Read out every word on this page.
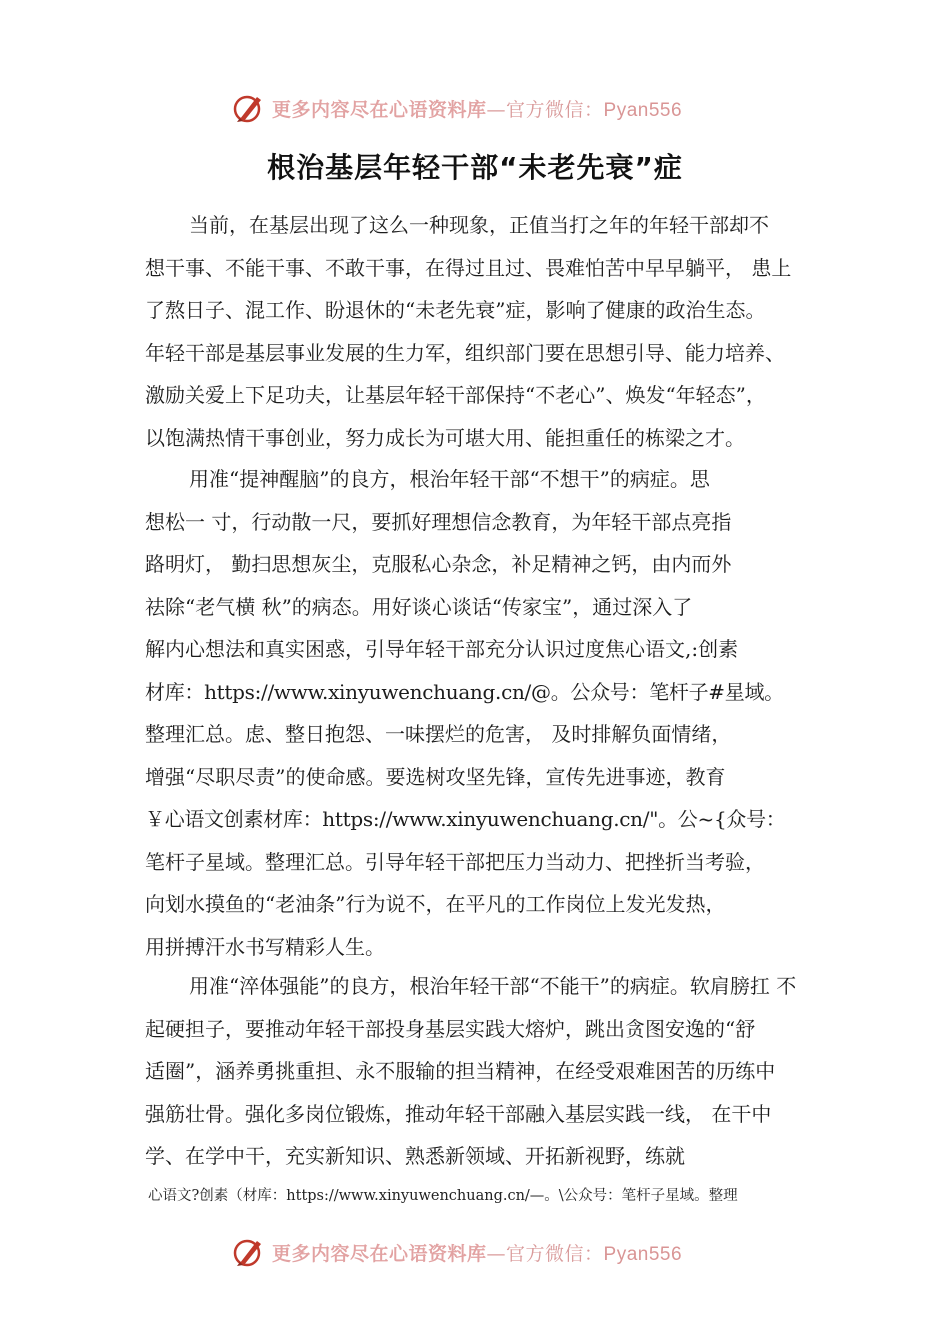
更多内容尽在心语资料库—官方微信：Pyan556
根治基层年轻干部“未老先衰”症
当前，在基层出现了这么一种现象，正值当打之年的年轻干部却不
想干事、不能干事、不敢干事，在得过且过、畏难怕苦中早早躺平， 患上
了熬日子、混工作、盼退休的“未老先衰”症，影响了健康的政治生态。
年轻干部是基层事业发展的生力军，组织部门要在思想引导、能力培养、
激励关爱上下足功夫，让基层年轻干部保持“不老心”、焕发“年轻态”，
以饱满热情干事创业，努力成长为可堪大用、能担重任的栋梁之才。
用准“提神醒脑”的良方，根治年轻干部“不想干”的病症。思
想松一 寸，行动散一尺，要抓好理想信念教育，为年轻干部点亮指
路明灯， 勤扫思想灰尘，克服私心杂念，补足精神之钙，由内而外
祛除“老气横 秋”的病态。用好谈心谈话“传家宝”，通过深入了
解内心想法和真实困惑，引导年轻干部充分认识过度焦心语文,:创素
材库：https://www.xinyuwenchuang.cn/@。公众号：笔杆子#星域。
整理汇总。虑、整日抱怨、一味摆烂的危害， 及时排解负面情绪，
增强“尽职尽责”的使命感。要选树攻坚先锋，宣传先进事迹，教育
￥心语文创素材库：https://www.xinyuwenchuang.cn/"。公~{众号：
笔杆子星域。整理汇总。引导年轻干部把压力当动力、把挫折当考验，
向划水摸鱼的“老油条”行为说不，在平凡的工作岗位上发光发热，
用拼搏汗水书写精彩人生。
用准“淬体强能”的良方，根治年轻干部“不能干”的病症。软肩膀扛 不
起硬担子，要推动年轻干部投身基层实践大熔炉，跳出贪图安逸的“舒
适圈”，涵养勇挑重担、永不服输的担当精神，在经受艰难困苦的历练中
强筋壮骨。强化多岗位锻炼，推动年轻干部融入基层实践一线， 在干中
学、在学中干，充实新知识、熟悉新领域、开拓新视野，练就
心语文?创素（材库：https://www.xinyuwenchuang.cn/—。\公众号：笔杆子星域。整理
更多内容尽在心语资料库—官方微信：Pyan556
